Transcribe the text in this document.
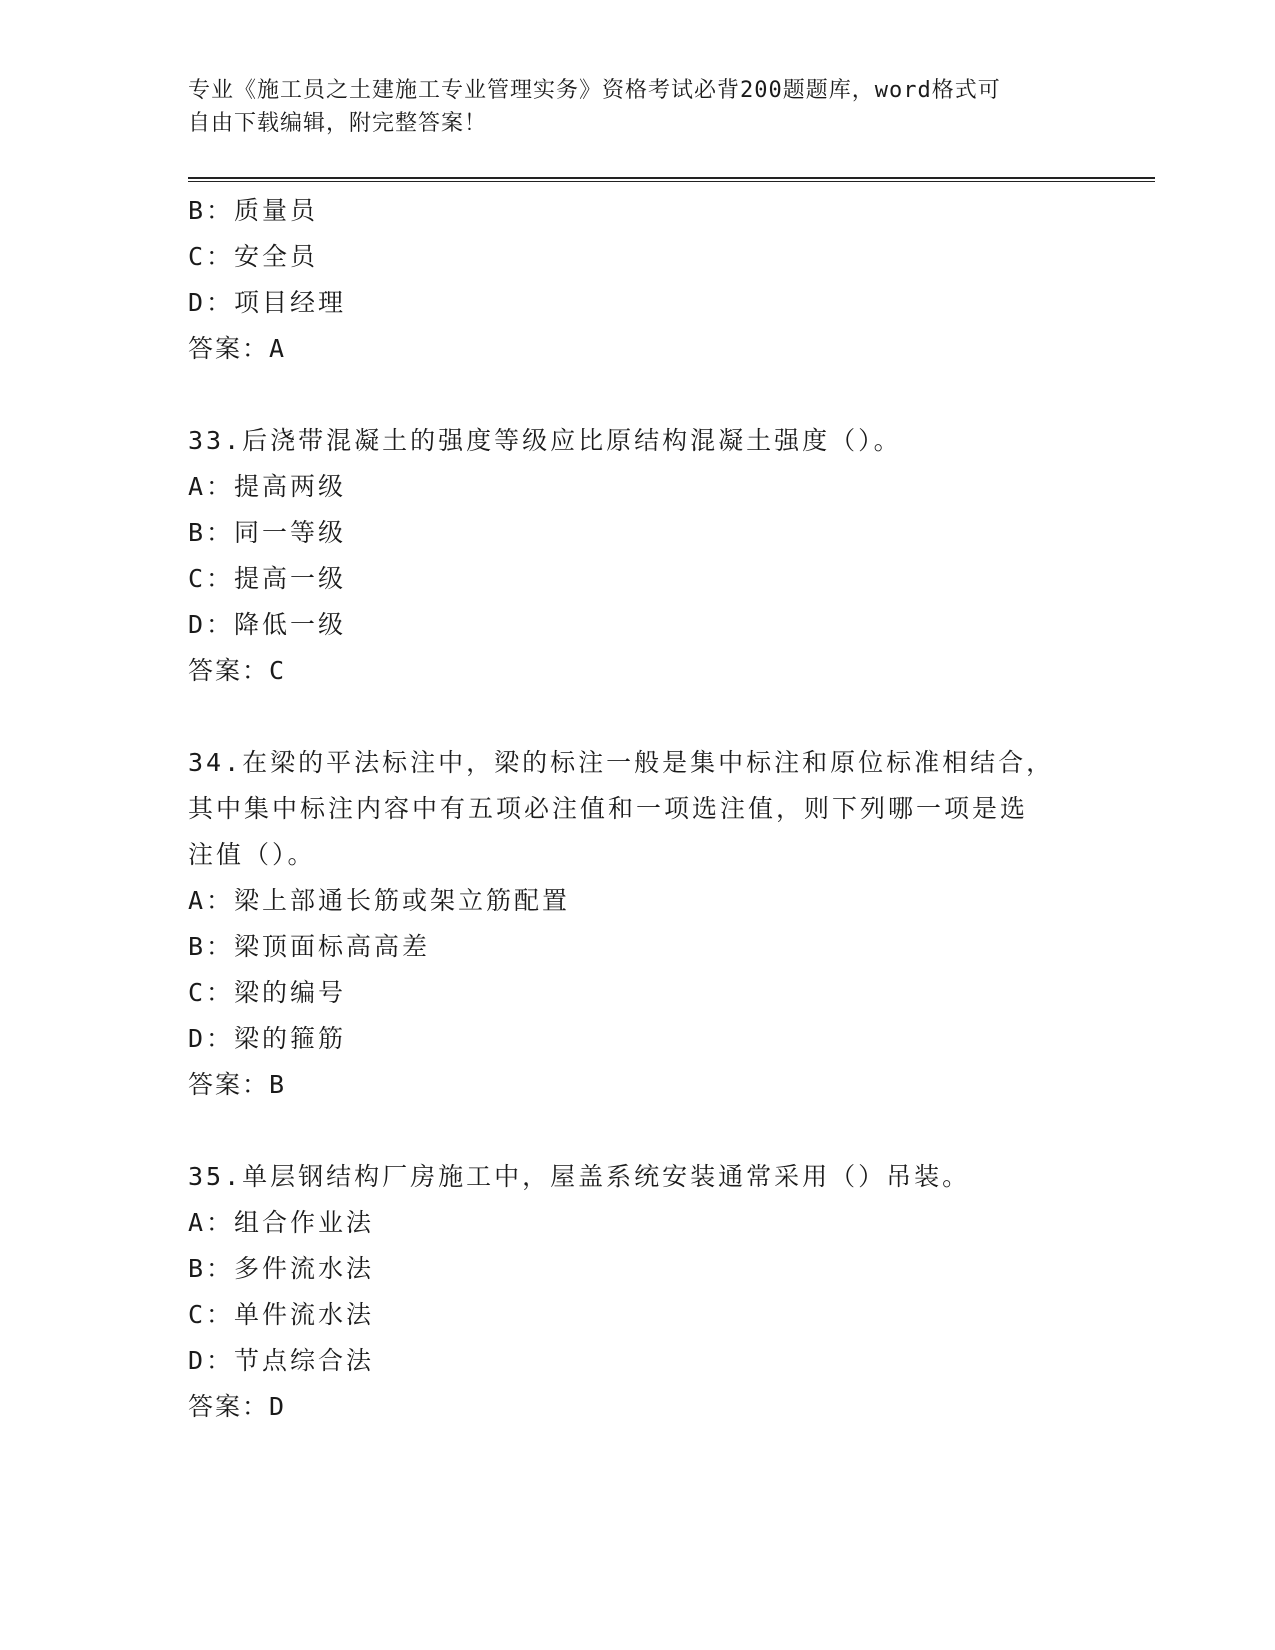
专业《施工员之土建施工专业管理实务》资格考试必背200题题库，word格式可
自由下载编辑，附完整答案！
B：质量员
C：安全员
D：项目经理
答案：A
33.后浇带混凝土的强度等级应比原结构混凝土强度（）。
A：提高两级
B：同一等级
C：提高一级
D：降低一级
答案：C
34.在梁的平法标注中，梁的标注一般是集中标注和原位标准相结合，
其中集中标注内容中有五项必注值和一项选注值，则下列哪一项是选
注值（）。
A：梁上部通长筋或架立筋配置
B：梁顶面标高高差
C：梁的编号
D：梁的箍筋
答案：B
35.单层钢结构厂房施工中，屋盖系统安装通常采用（）吊装。
A：组合作业法
B：多件流水法
C：单件流水法
D：节点综合法
答案：D
